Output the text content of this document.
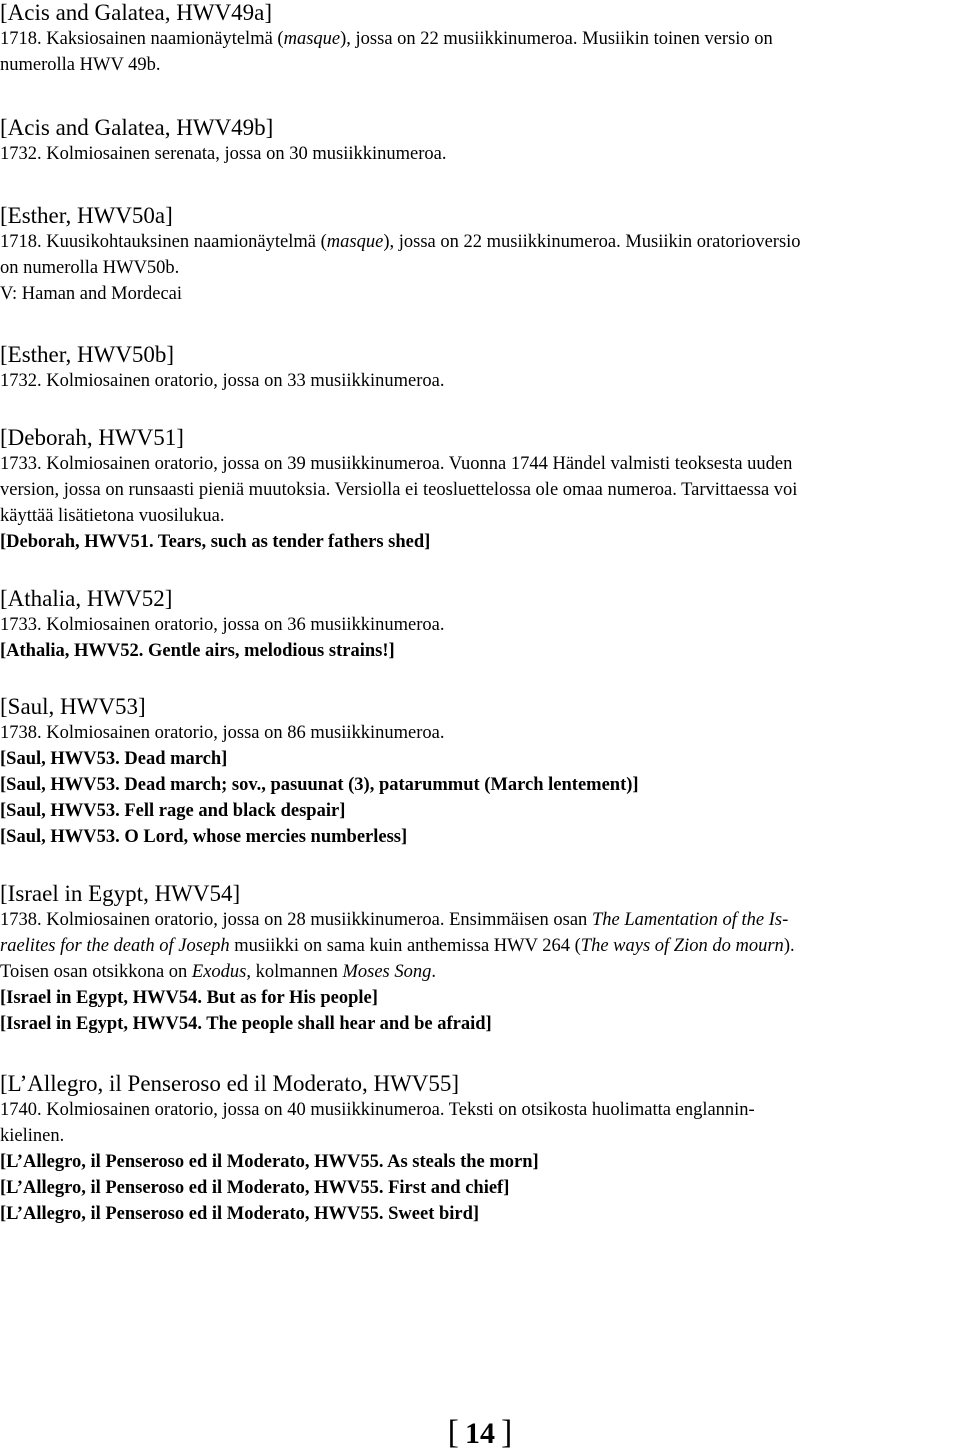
[Acis and Galatea, HWV49a]
1718. Kaksiosainen naamionäytelmä (masque), jossa on 22 musiikkinumeroa. Musiikin toinen versio on
numerolla HWV 49b.
[Acis and Galatea, HWV49b]
1732. Kolmiosainen serenata, jossa on 30 musiikkinumeroa.
[Esther, HWV50a]
1718. Kuusikohtauksinen naamionäytelmä (masque), jossa on 22 musiikkinumeroa. Musiikin oratorioversio
on numerolla HWV50b.
V: Haman and Mordecai
[Esther, HWV50b]
1732. Kolmiosainen oratorio, jossa on 33 musiikkinumeroa.
[Deborah, HWV51]
1733. Kolmiosainen oratorio, jossa on 39 musiikkinumeroa. Vuonna 1744 Händel valmisti teoksesta uuden
version, jossa on runsaasti pieniä muutoksia. Versiolla ei teosluettelossa ole omaa numeroa. Tarvittaessa voi
käyttää lisätietona vuosilukua.
[Deborah, HWV51. Tears, such as tender fathers shed]
[Athalia, HWV52]
1733. Kolmiosainen oratorio, jossa on 36 musiikkinumeroa.
[Athalia, HWV52. Gentle airs, melodious strains!]
[Saul, HWV53]
1738. Kolmiosainen oratorio, jossa on 86 musiikkinumeroa.
[Saul, HWV53. Dead march]
[Saul, HWV53. Dead march; sov., pasuunat (3), patarummut (March lentement)]
[Saul, HWV53. Fell rage and black despair]
[Saul, HWV53. O Lord, whose mercies numberless]
[Israel in Egypt, HWV54]
1738. Kolmiosainen oratorio, jossa on 28 musiikkinumeroa. Ensimmäisen osan The Lamentation of the Is-
raelites for the death of Joseph musiikki on sama kuin anthemissa HWV 264 (The ways of Zion do mourn).
Toisen osan otsikkona on Exodus, kolmannen Moses Song.
[Israel in Egypt, HWV54. But as for His people]
[Israel in Egypt, HWV54. The people shall hear and be afraid]
[L’Allegro, il Penseroso ed il Moderato, HWV55]
1740. Kolmiosainen oratorio, jossa on 40 musiikkinumeroa. Teksti on otsikosta huolimatta englannin-
kielinen.
[L’Allegro, il Penseroso ed il Moderato, HWV55. As steals the morn]
[L’Allegro, il Penseroso ed il Moderato, HWV55. First and chief]
[L’Allegro, il Penseroso ed il Moderato, HWV55. Sweet bird]
[ 14 ]
